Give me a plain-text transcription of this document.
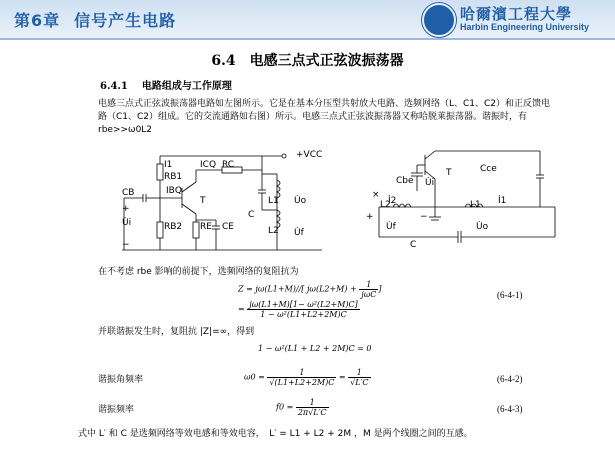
第6章 信号产生电路	哈爾濱工程大學
Harbin Engineering University
6.4　电感三点式正弦波振荡器
6.4.1 电路组成与工作原理
电感三点式正弦波振荡器电路如左图所示。它是在基本分压型共射放大电路、选频网络（L、C1、C2）和正反馈电路（C1、C2）组成。它的交流通路如右图）所示。电感三点式正弦波振荡器又称哈脱莱振荡器。谐振时，有 rbe>>ω0L2
+VCC
I1
RB1
ICQ RC
CB	IBQ
T
C
L1
L2
U̇i	RB2 RE CE
U̇o
U̇f
+
−
Cbe U̇i
T	Cce
×
İ2
L2	L1 İ1
U̇f	U̇o
C
+	−
在不考虑 rbe 影响的前提下，选频网络的复阻抗为
Z = jω(L1+M)//[ $j\omega(L2+M) + \frac{1}{\text{jωC}}$ ]
= $\frac{\text{jω(L1+M)[1− ω²(L2+M)C]}}{\text{1 − ω²(L1+L2+2M)C}}$
(6-4-1)
并联谐振发生时，复阻抗 |Z|=∞，得到
1 − ω²(L1 + L2 + 2M)C = 0
谐振角频率	$\omega 0 = \frac{1}{√(L1+L2+2M)C} = \frac{1}{√L'C}$	(6-4-2)
谐振频率	$f0 = \frac{1}{2\pi√L'C}$	(6-4-3)
式中 L′ 和 C 是选频网络等效电感和等效电容，　L′ = L1 + L2 + 2M ，M 是两个线圈之间的互感。
